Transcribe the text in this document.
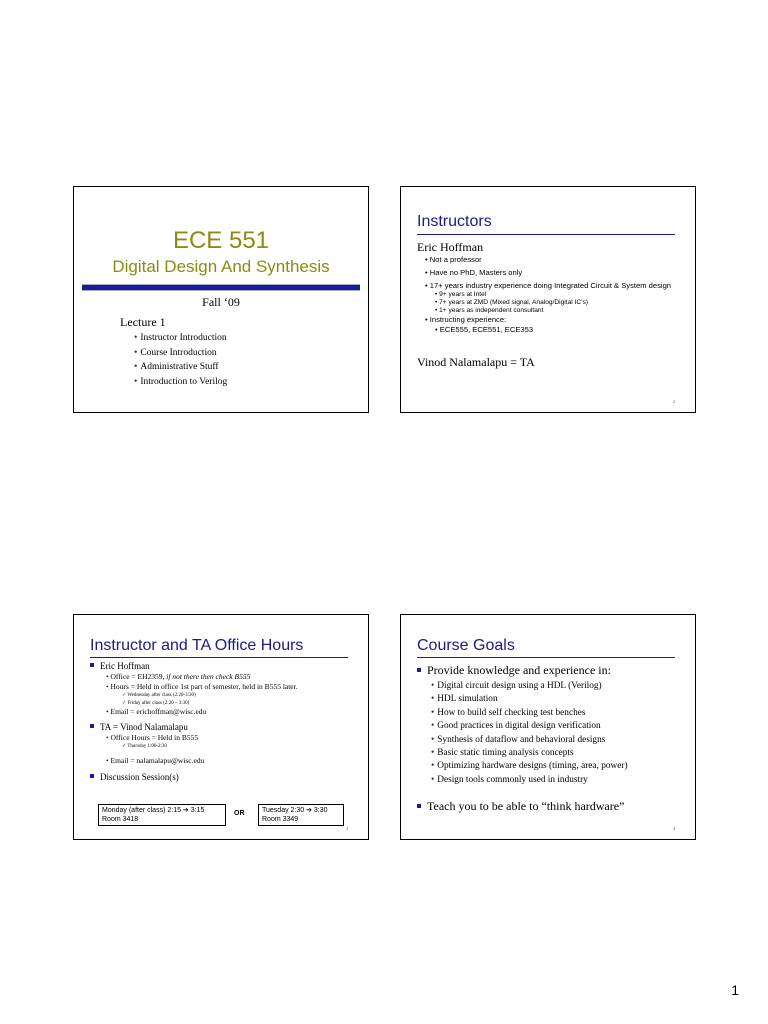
ECE 551
Digital Design And Synthesis
Fall ‘09
Lecture 1
• Instructor Introduction
• Course Introduction
• Administrative Stuff
• Introduction to Verilog
Instructors
Eric Hoffman
• Not a professor
• Have no PhD, Masters only
• 17+ years industry experience doing Integrated Circuit & System design
• 9+ years at Intel
• 7+ years at ZMD (Mixed signal, Analog/Digital IC’s)
• 1+ years as independent consultant
• Instructing experience:
• ECE555, ECE551, ECE353
Vinod Nalamalapu = TA
2
Instructor and TA Office Hours
Eric Hoffman
• Office = EH2359, if not there then check B555
• Hours = Held in office 1st part of semester, held in B555 later.
✓ Wednesday after class (2:20-3:30)
✓ Friday after class (2:20 – 3:30)
• Email = erichoffman@wisc.edu
TA = Vinod Nalamalapu
• Office Hours = Held in B555
✓ Thursday 1:00-2:30
• Email = nalamalapu@wisc.edu
Discussion Session(s)
Monday (after class) 2:15 ➔ 3:15
Room 3418
OR	Tuesday 2:30 ➔ 3:30
Room 3349
3
Course Goals
Provide knowledge and experience in:
• Digital circuit design using a HDL (Verilog)
• HDL simulation
• How to build self checking test benches
• Good practices in digital design verification
• Synthesis of dataflow and behavioral designs
• Basic static timing analysis concepts
• Optimizing hardware designs (timing, area, power)
• Design tools commonly used in industry
Teach you to be able to “think hardware”
4
1
